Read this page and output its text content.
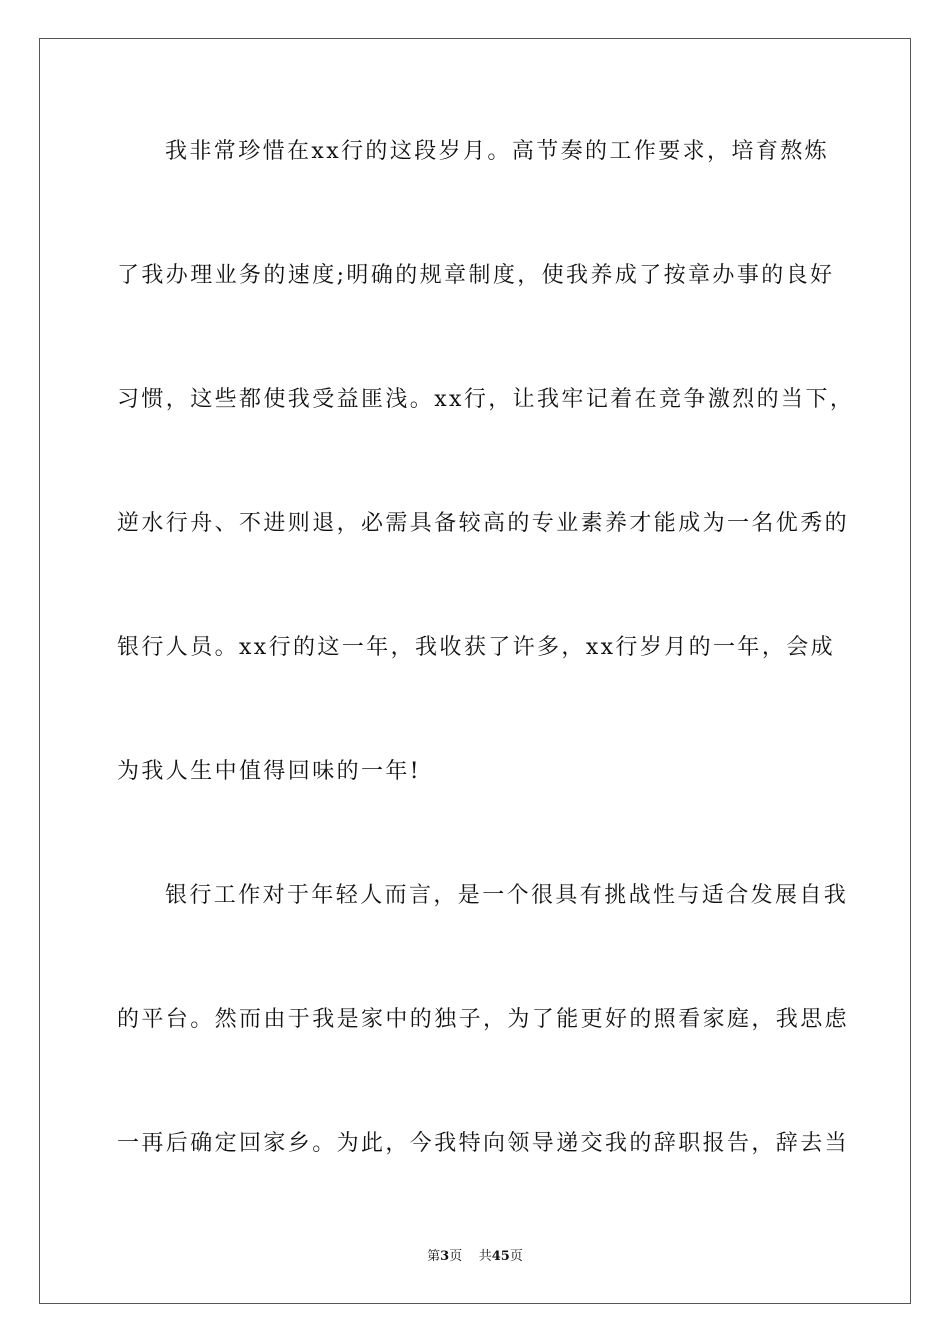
我非常珍惜在xx行的这段岁月。高节奏的工作要求，培育熬炼
了我办理业务的速度;明确的规章制度，使我养成了按章办事的良好
习惯，这些都使我受益匪浅。xx行，让我牢记着在竞争激烈的当下，
逆水行舟、不进则退，必需具备较高的专业素养才能成为一名优秀的
银行人员。xx行的这一年，我收获了许多，xx行岁月的一年，会成
为我人生中值得回味的一年!
银行工作对于年轻人而言，是一个很具有挑战性与适合发展自我
的平台。然而由于我是家中的独子，为了能更好的照看家庭，我思虑
一再后确定回家乡。为此，今我特向领导递交我的辞职报告，辞去当
第3页 共45页
